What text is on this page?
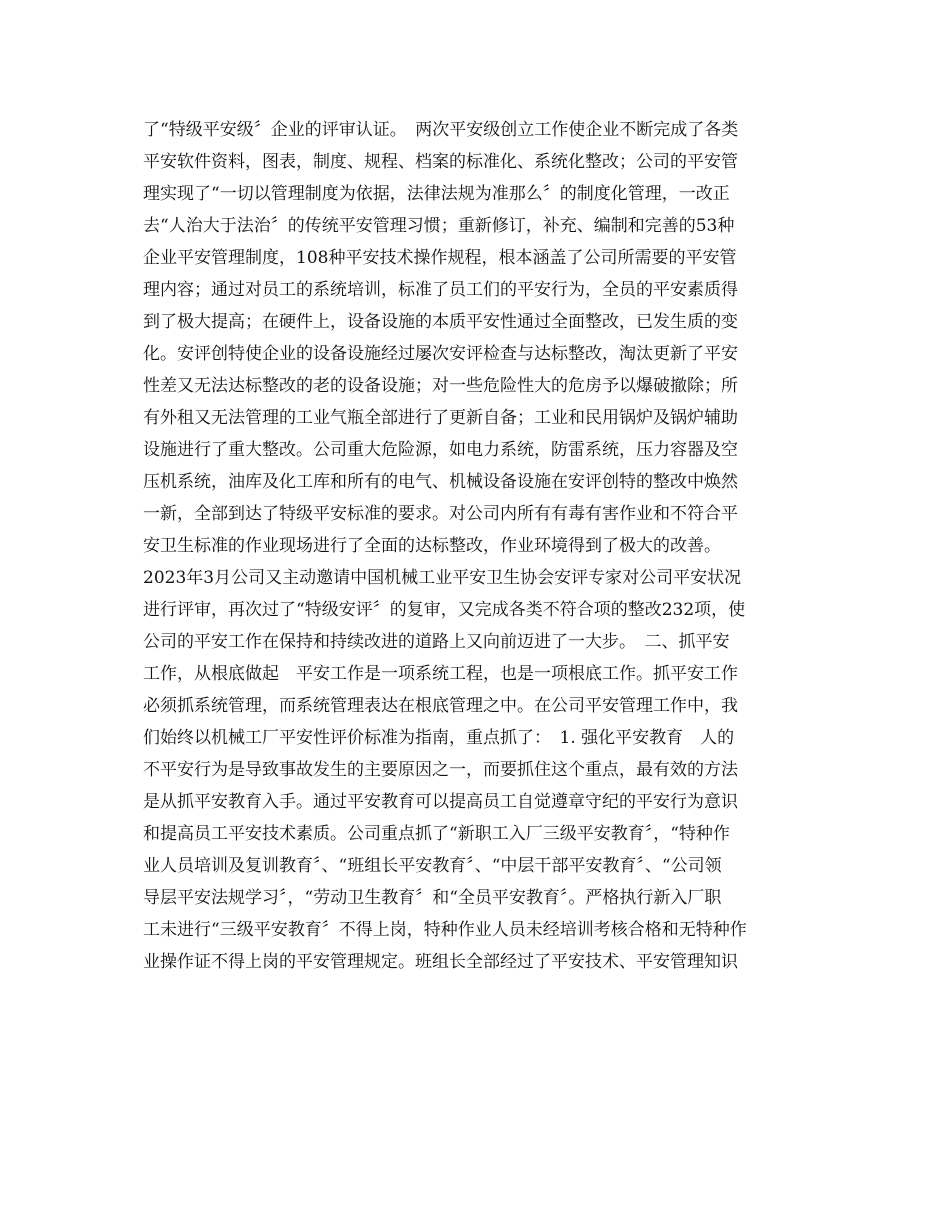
了“特级平安级〞企业的评审认证。　两次平安级创立工作使企业不断完成了各类
平安软件资料，图表，制度、规程、档案的标准化、系统化整改；公司的平安管
理实现了“一切以管理制度为依据，法律法规为准那么〞的制度化管理，一改正
去“人治大于法治〞的传统平安管理习惯；重新修订，补充、编制和完善的53种
企业平安管理制度，108种平安技术操作规程，根本涵盖了公司所需要的平安管
理内容；通过对员工的系统培训，标准了员工们的平安行为，全员的平安素质得
到了极大提高；在硬件上，设备设施的本质平安性通过全面整改，已发生质的变
化。安评创特使企业的设备设施经过屡次安评检查与达标整改，淘汰更新了平安
性差又无法达标整改的老的设备设施；对一些危险性大的危房予以爆破撤除；所
有外租又无法管理的工业气瓶全部进行了更新自备；工业和民用锅炉及锅炉辅助
设施进行了重大整改。公司重大危险源，如电力系统，防雷系统，压力容器及空
压机系统，油库及化工库和所有的电气、机械设备设施在安评创特的整改中焕然
一新，全部到达了特级平安标准的要求。对公司内所有有毒有害作业和不符合平
安卫生标准的作业现场进行了全面的达标整改，作业环境得到了极大的改善。
2023年3月公司又主动邀请中国机械工业平安卫生协会安评专家对公司平安状况
进行评审，再次过了“特级安评〞的复审，又完成各类不符合项的整改232项，使
公司的平安工作在保持和持续改进的道路上又向前迈进了一大步。　二、抓平安
工作，从根底做起　平安工作是一项系统工程，也是一项根底工作。抓平安工作
必须抓系统管理，而系统管理表达在根底管理之中。在公司平安管理工作中，我
们始终以机械工厂平安性评价标准为指南，重点抓了：　1. 强化平安教育　人的
不平安行为是导致事故发生的主要原因之一，而要抓住这个重点，最有效的方法
是从抓平安教育入手。通过平安教育可以提高员工自觉遵章守纪的平安行为意识
和提高员工平安技术素质。公司重点抓了“新职工入厂三级平安教育〞，“特种作
业人员培训及复训教育〞、“班组长平安教育〞、“中层干部平安教育〞、“公司领
导层平安法规学习〞，“劳动卫生教育〞和“全员平安教育〞。严格执行新入厂职
工未进行“三级平安教育〞不得上岗，特种作业人员未经培训考核合格和无特种作
业操作证不得上岗的平安管理规定。班组长全部经过了平安技术、平安管理知识
